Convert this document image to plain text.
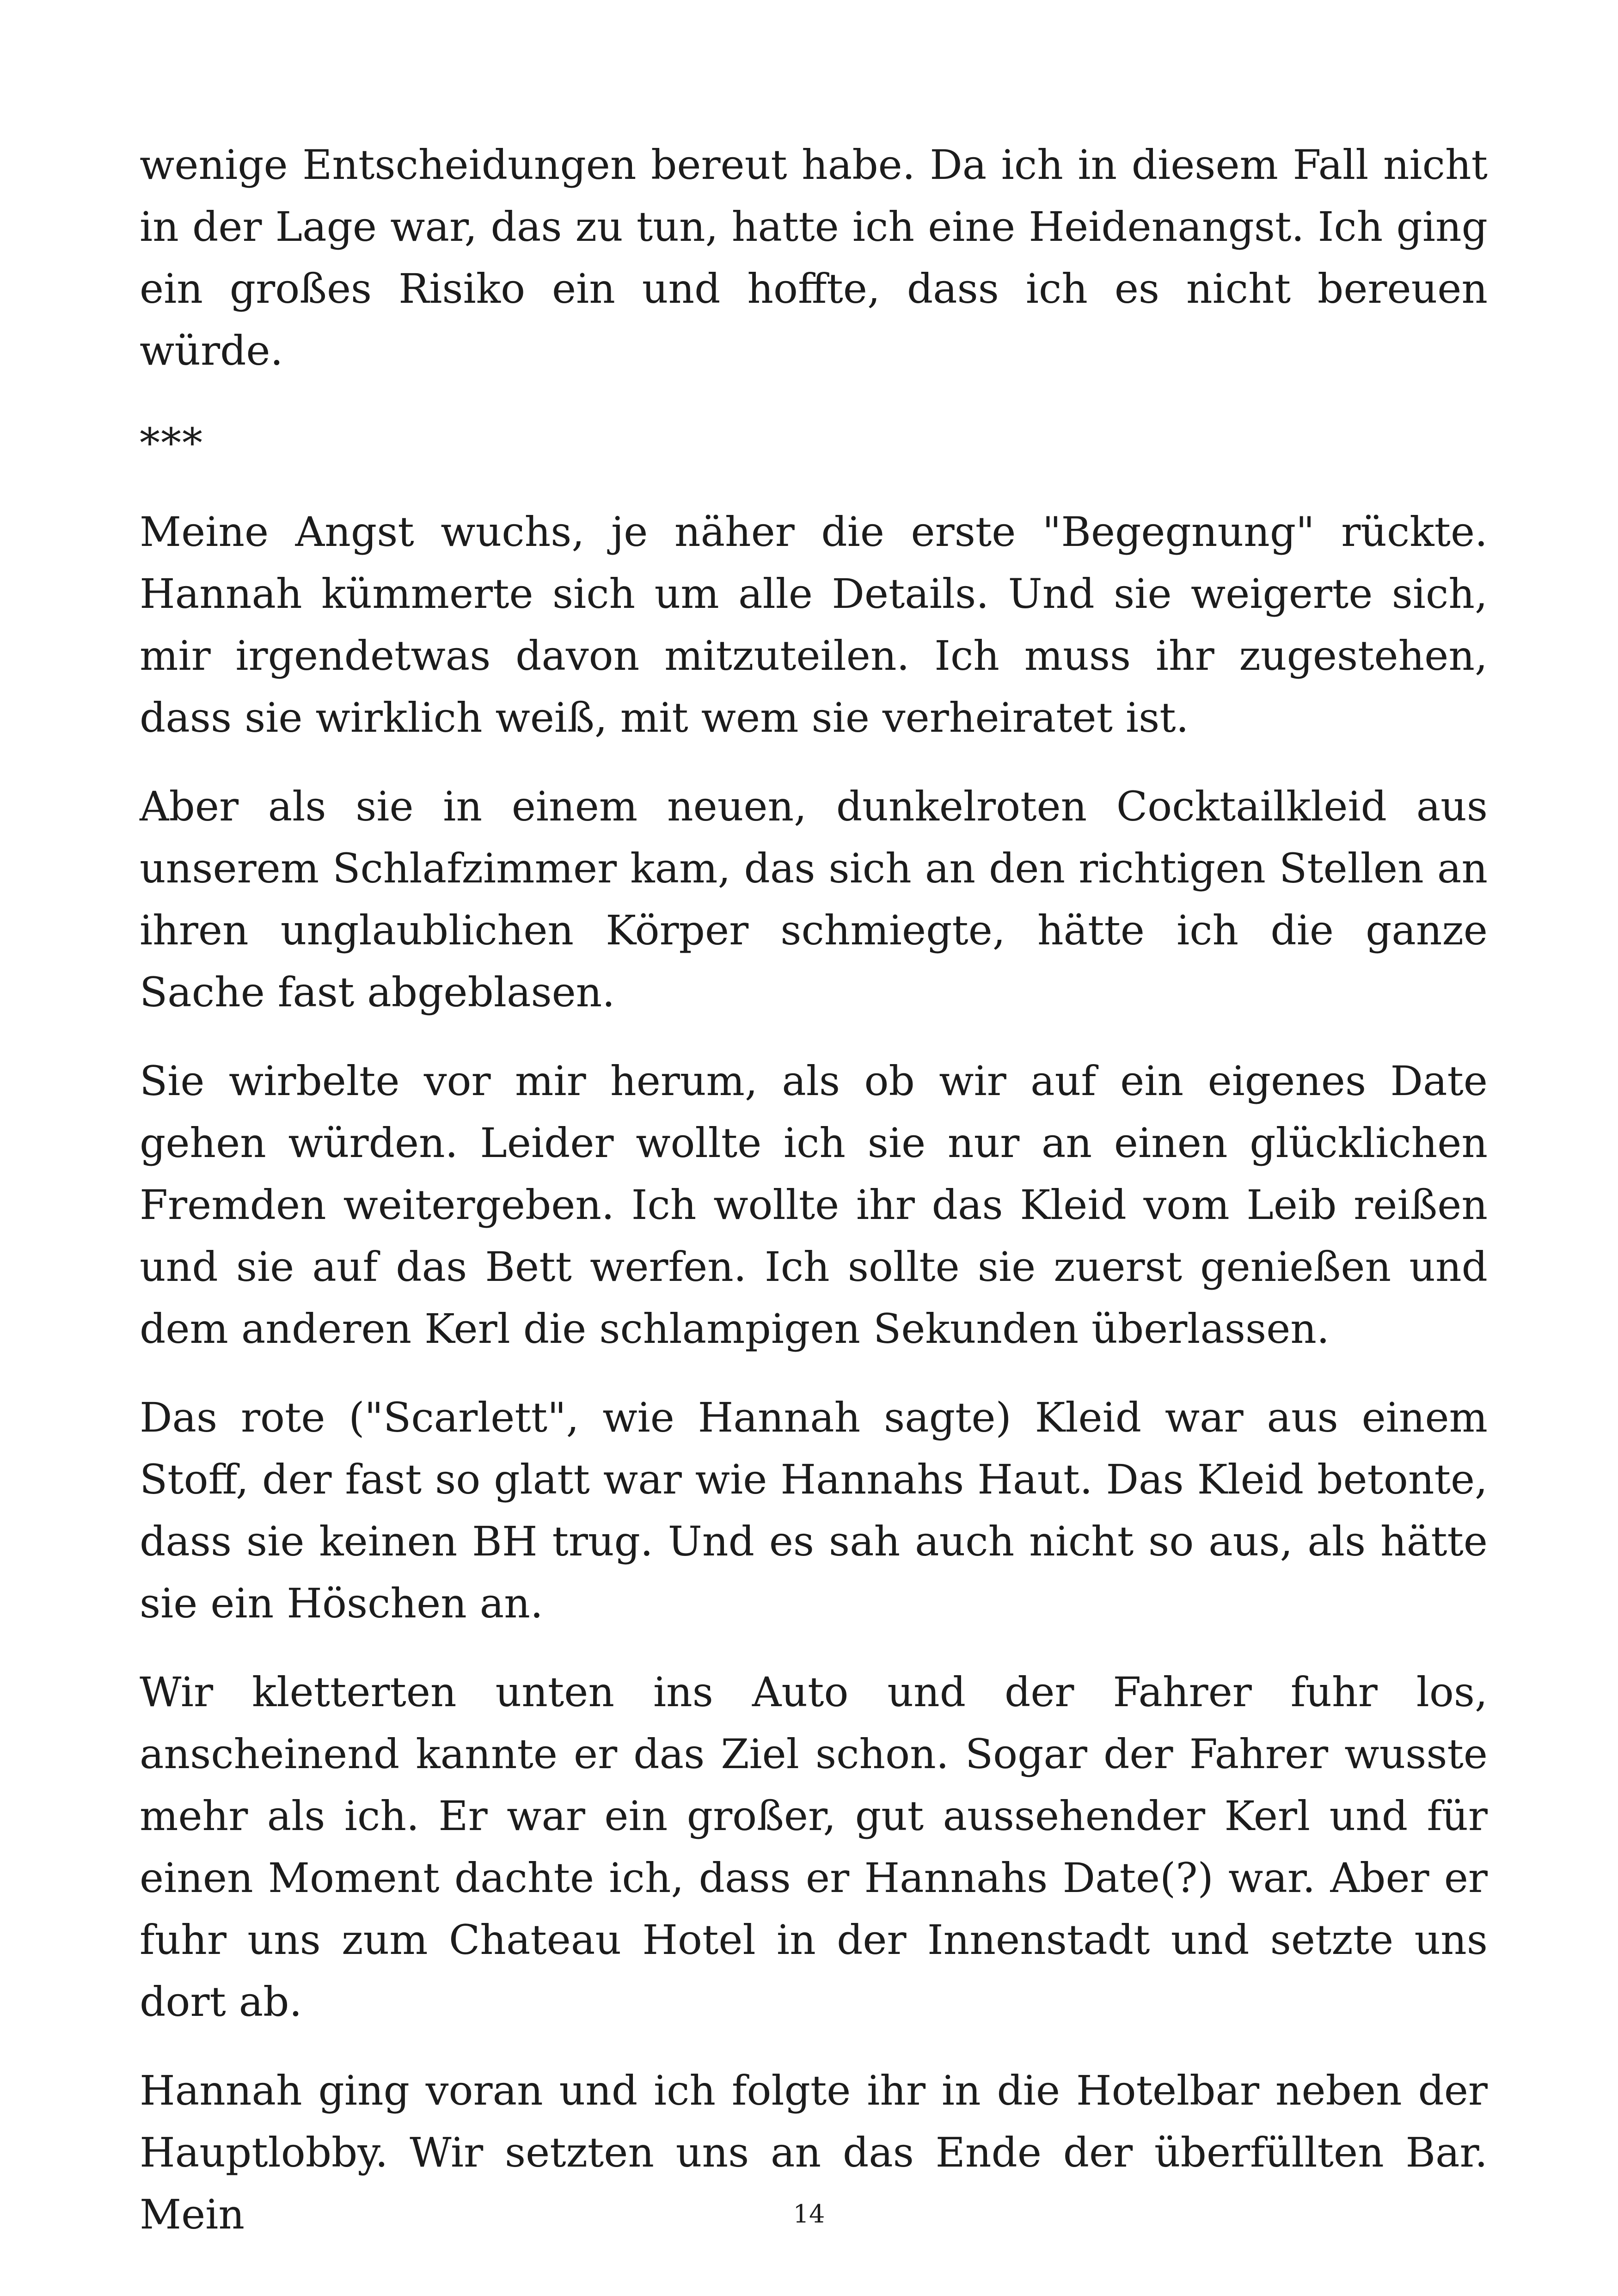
wenige Entscheidungen bereut habe. Da ich in diesem Fall nicht in der Lage war, das zu tun, hatte ich eine Heidenangst. Ich ging ein großes Risiko ein und hoffte, dass ich es nicht bereuen würde.

***

Meine Angst wuchs, je näher die erste "Begegnung" rückte. Hannah kümmerte sich um alle Details. Und sie weigerte sich, mir irgendetwas davon mitzuteilen. Ich muss ihr zugestehen, dass sie wirklich weiß, mit wem sie verheiratet ist.

Aber als sie in einem neuen, dunkelroten Cocktailkleid aus unserem Schlafzimmer kam, das sich an den richtigen Stellen an ihren unglaublichen Körper schmiegte, hätte ich die ganze Sache fast abgeblasen.

Sie wirbelte vor mir herum, als ob wir auf ein eigenes Date gehen würden. Leider wollte ich sie nur an einen glücklichen Fremden weitergeben. Ich wollte ihr das Kleid vom Leib reißen und sie auf das Bett werfen. Ich sollte sie zuerst genießen und dem anderen Kerl die schlampigen Sekunden überlassen.

Das rote ("Scarlett", wie Hannah sagte) Kleid war aus einem Stoff, der fast so glatt war wie Hannahs Haut. Das Kleid betonte, dass sie keinen BH trug. Und es sah auch nicht so aus, als hätte sie ein Höschen an.

Wir kletterten unten ins Auto und der Fahrer fuhr los, anscheinend kannte er das Ziel schon. Sogar der Fahrer wusste mehr als ich. Er war ein großer, gut aussehender Kerl und für einen Moment dachte ich, dass er Hannahs Date(?) war. Aber er fuhr uns zum Chateau Hotel in der Innenstadt und setzte uns dort ab.

Hannah ging voran und ich folgte ihr in die Hotelbar neben der Hauptlobby. Wir setzten uns an das Ende der überfüllten Bar. Mein	14
